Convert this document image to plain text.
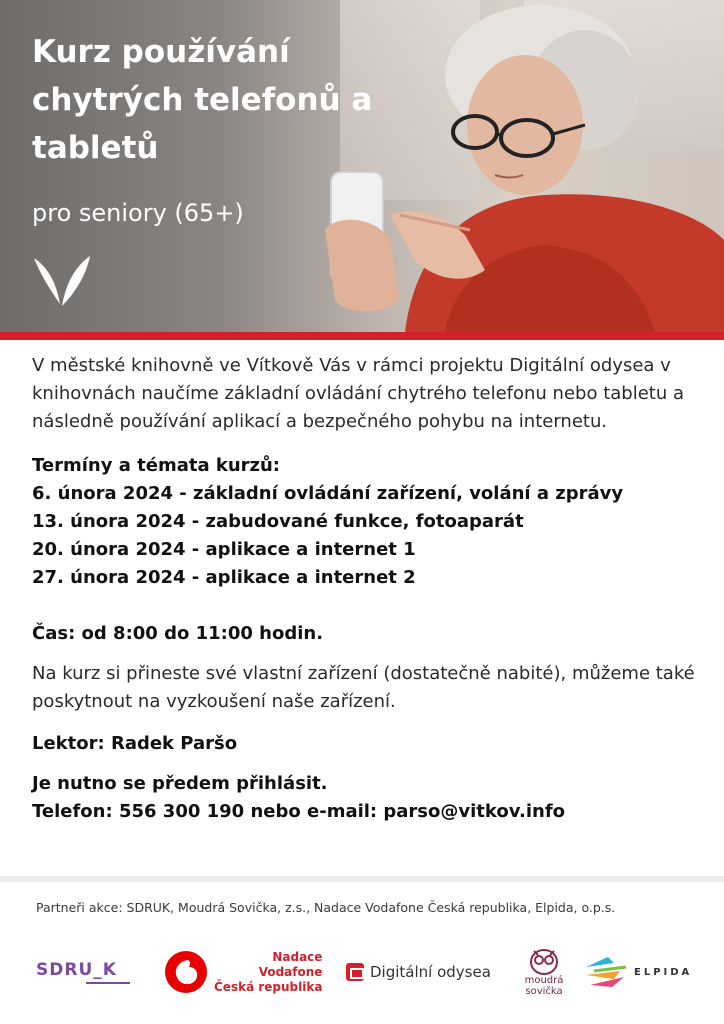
Kurz používání chytrých telefonů a tabletů
pro seniory (65+)

V městské knihovně ve Vítkově Vás v rámci projektu Digitální odysea v knihovnách naučíme základní ovládání chytrého telefonu nebo tabletu a následně používání aplikací a bezpečného pohybu na internetu.

Termíny a témata kurzů:
6. února 2024 - základní ovládání zařízení, volání a zprávy
13. února 2024 - zabudované funkce, fotoaparát
20. února 2024 - aplikace a internet 1
27. února 2024 - aplikace a internet 2
Čas: od 8:00 do 11:00 hodin.

Na kurz si přineste své vlastní zařízení (dostatečně nabité), můžeme také poskytnout na vyzkoušení naše zařízení.

Lektor: Radek Paršo
Je nutno se předem přihlásit.
Telefon: 556 300 190 nebo e-mail: parso@vitkov.info
Partneři akce: SDRUK, Moudrá Sovička, z.s., Nadace Vodafone Česká republika, Elpida, o.p.s.
SDRU_K
Nadace
Vodafone
Česká republika
Digitální odysea	moudrá
sovička
ELPIDA
